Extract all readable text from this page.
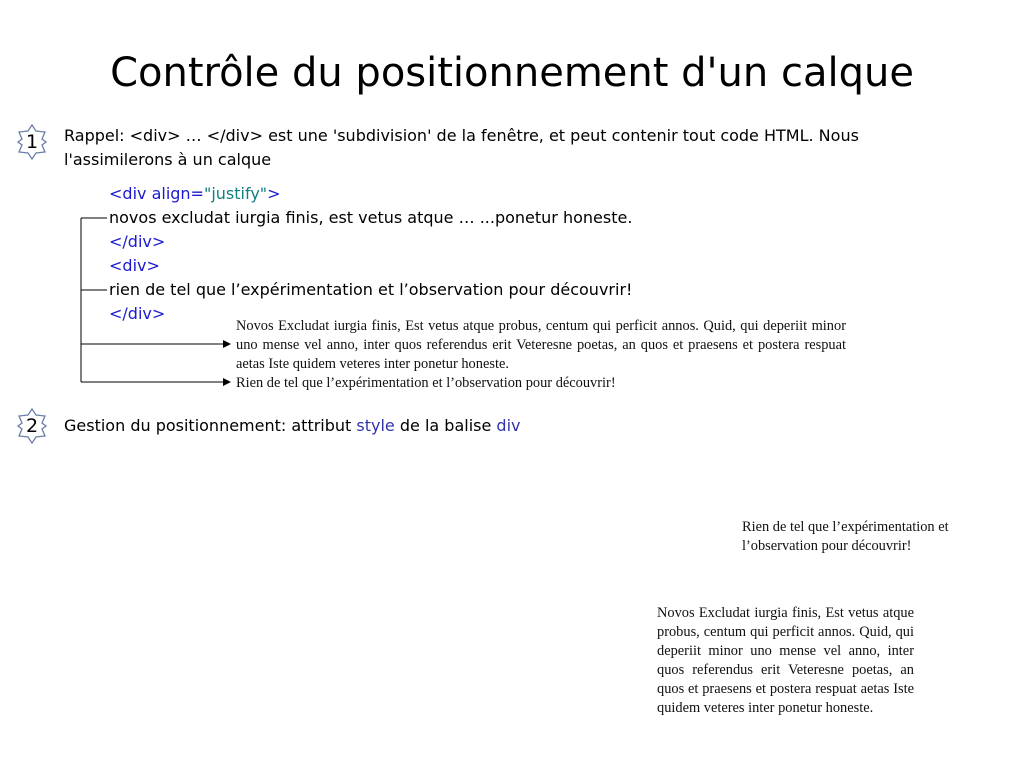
Contrôle du positionnement d'un calque
1	Rappel: <div> … </div> est une 'subdivision' de la fenêtre, et peut contenir tout code HTML. Nous l'assimilerons à un calque
<div align="justify">
novos excludat iurgia finis, est vetus atque … ...ponetur honeste.
</div>
<div>
rien de tel que l’expérimentation et l’observation pour découvrir!
</div>
Novos Excludat iurgia finis, Est vetus atque probus, centum qui perficit annos. Quid, qui deperiit minor uno mense vel anno, inter quos referendus erit Veteresne poetas, an quos et praesens et postera respuat aetas Iste quidem veteres inter ponetur honeste.
Rien de tel que l’expérimentation et l’observation pour découvrir!
2	Gestion du positionnement: attribut style de la balise div
Rien de tel que l’expérimentation et l’observation pour découvrir!
Novos Excludat iurgia finis, Est vetus atque probus, centum qui perficit annos. Quid, qui deperiit minor uno mense vel anno, inter quos referendus erit Veteresne poetas, an quos et praesens et postera respuat aetas Iste quidem veteres inter ponetur honeste.
